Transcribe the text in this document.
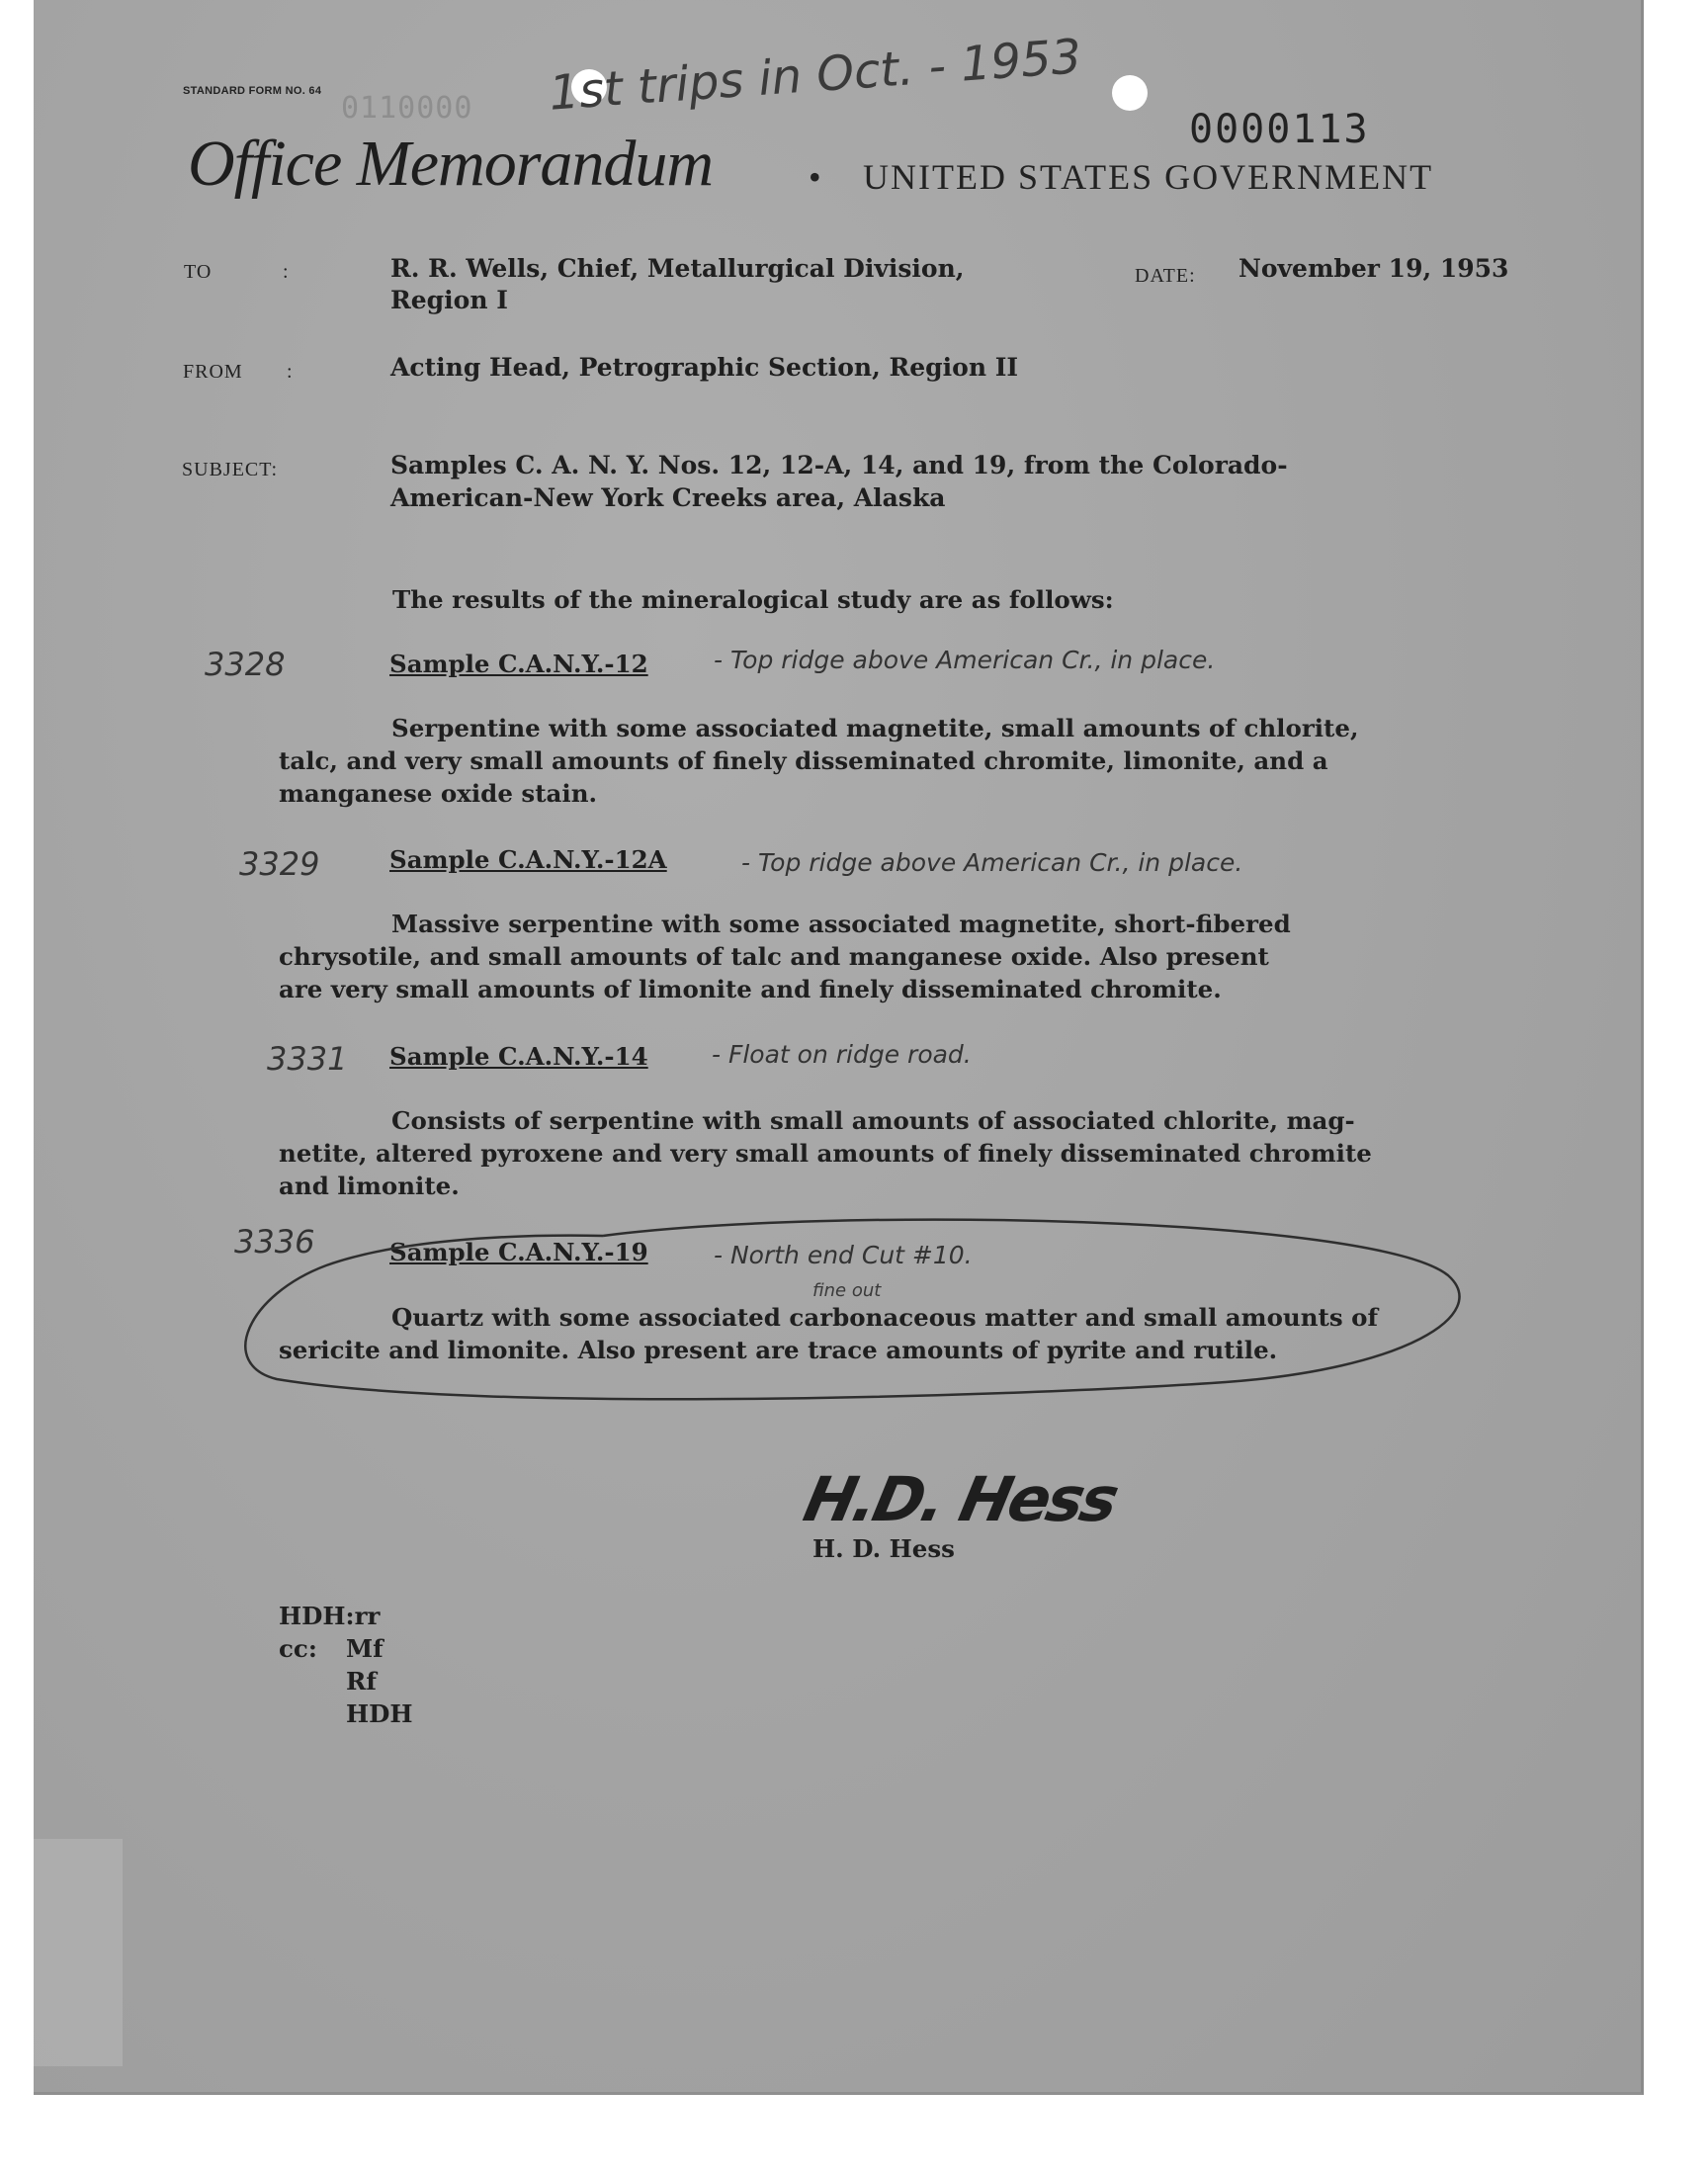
STANDARD FORM NO. 64 0110000 1st trips in Oct. - 1953
0000113
Office Memorandum	• UNITED STATES GOVERNMENT
TO	:	R. R. Wells, Chief, Metallurgical Division,
Region I
DATE: November 19, 1953
FROM :	Acting Head, Petrographic Section, Region II
SUBJECT:	Samples C. A. N. Y. Nos. 12, 12-A, 14, and 19, from the Colorado-
American-New York Creeks area, Alaska
The results of the mineralogical study are as follows:
3328	Sample C.A.N.Y.-12	- Top ridge above American Cr., in place.
Serpentine with some associated magnetite, small amounts of chlorite,
talc, and very small amounts of finely disseminated chromite, limonite, and a
manganese oxide stain.
3329	Sample C.A.N.Y.-12A	- Top ridge above American Cr., in place.
Massive serpentine with some associated magnetite, short-fibered
chrysotile, and small amounts of talc and manganese oxide. Also present
are very small amounts of limonite and finely disseminated chromite.
3331 Sample C.A.N.Y.-14	- Float on ridge road.
Consists of serpentine with small amounts of associated chlorite, mag-
netite, altered pyroxene and very small amounts of finely disseminated chromite
and limonite.
3336	Sample C.A.N.Y.-19	- North end Cut #10.
fine out
Quartz with some associated carbonaceous matter and small amounts of
sericite and limonite. Also present are trace amounts of pyrite and rutile.
H.D. Hess
H. D. Hess
HDH:rr
cc: Mf
Rf
HDH
